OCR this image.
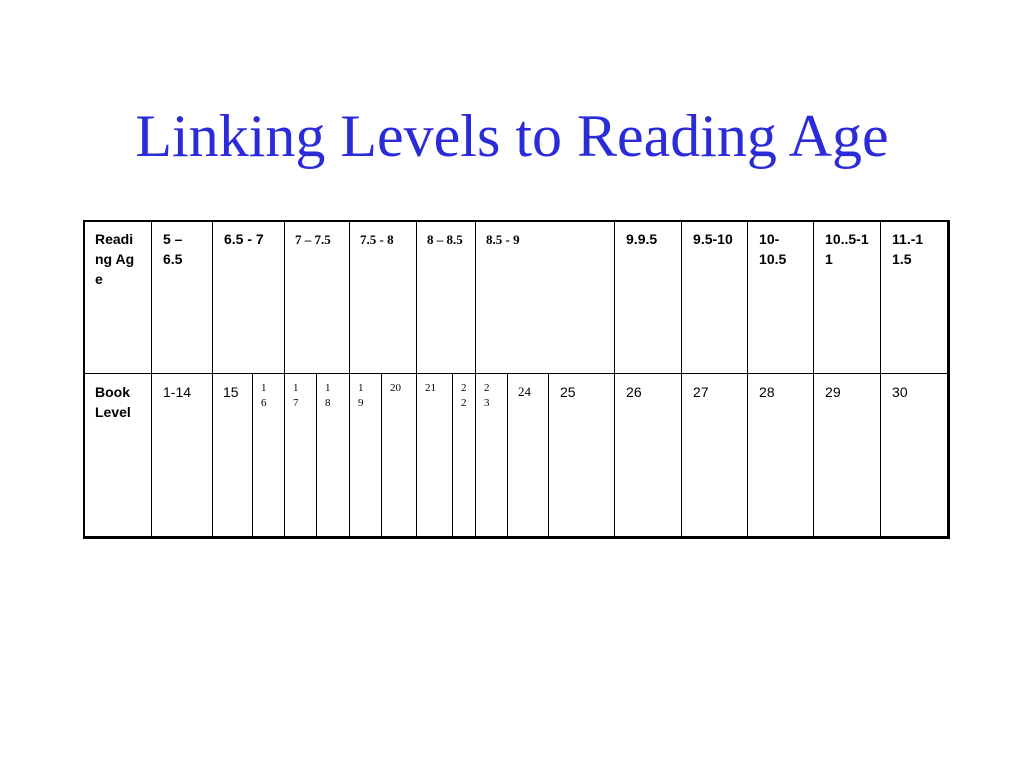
Linking Levels to Reading Age
Reading Age	5 – 6.5	6.5 - 7		7 – 7.5		7.5 - 8		8 – 8.5		8.5 - 9			9.9.5	9.5-10	10-10.5	10..5-11	11.-11.5

Book Level	1-14	15	16	17	18	19	20	21	22	23	24	25	26	27	28	29	30	
